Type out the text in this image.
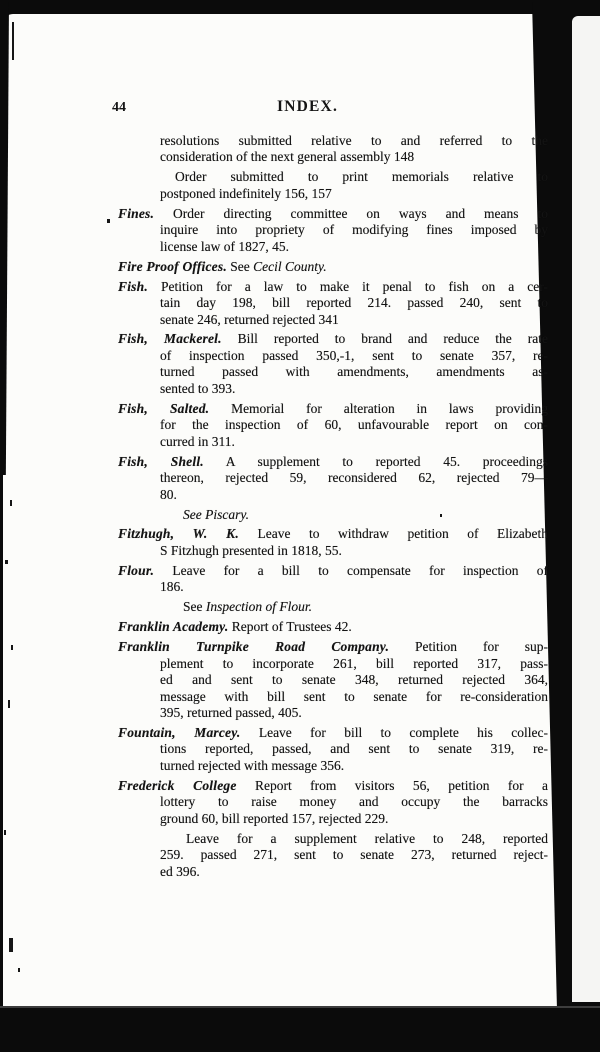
44	INDEX.
resolutions submitted relative to and referred to the
consideration of the next general assembly 148
Order submitted to print memorials relative to
postponed indefinitely 156, 157
Fines. Order directing committee on ways and means to
inquire into propriety of modifying fines imposed by
license law of 1827, 45.
Fire Proof Offices. See Cecil County.
Fish. Petition for a law to make it penal to fish on a cer-
tain day 198, bill reported 214. passed 240, sent to
senate 246, returned rejected 341
Fish, Mackerel. Bill reported to brand and reduce the rate
of inspection passed 350,-1, sent to senate 357, re-
turned passed with amendments, amendments as-
sented to 393.
Fish, Salted. Memorial for alteration in laws providing
for the inspection of 60, unfavourable report on con-
curred in 311.
Fish, Shell. A supplement to reported 45. proceedings
thereon, rejected 59, reconsidered 62, rejected 79—
80.
See Piscary.
Fitzhugh, W. K. Leave to withdraw petition of Elizabeth
S Fitzhugh presented in 1818, 55.
Flour. Leave for a bill to compensate for inspection of
186.
See Inspection of Flour.
Franklin Academy. Report of Trustees 42.
Franklin Turnpike Road Company. Petition for sup-
plement to incorporate 261, bill reported 317, pass-
ed and sent to senate 348, returned rejected 364,
message with bill sent to senate for re-consideration
395, returned passed, 405.
Fountain, Marcey. Leave for bill to complete his collec-
tions reported, passed, and sent to senate 319, re-
turned rejected with message 356.
Frederick College Report from visitors 56, petition for a
lottery to raise money and occupy the barracks
ground 60, bill reported 157, rejected 229.
Leave for a supplement relative to 248, reported
259. passed 271, sent to senate 273, returned reject-
ed 396.
